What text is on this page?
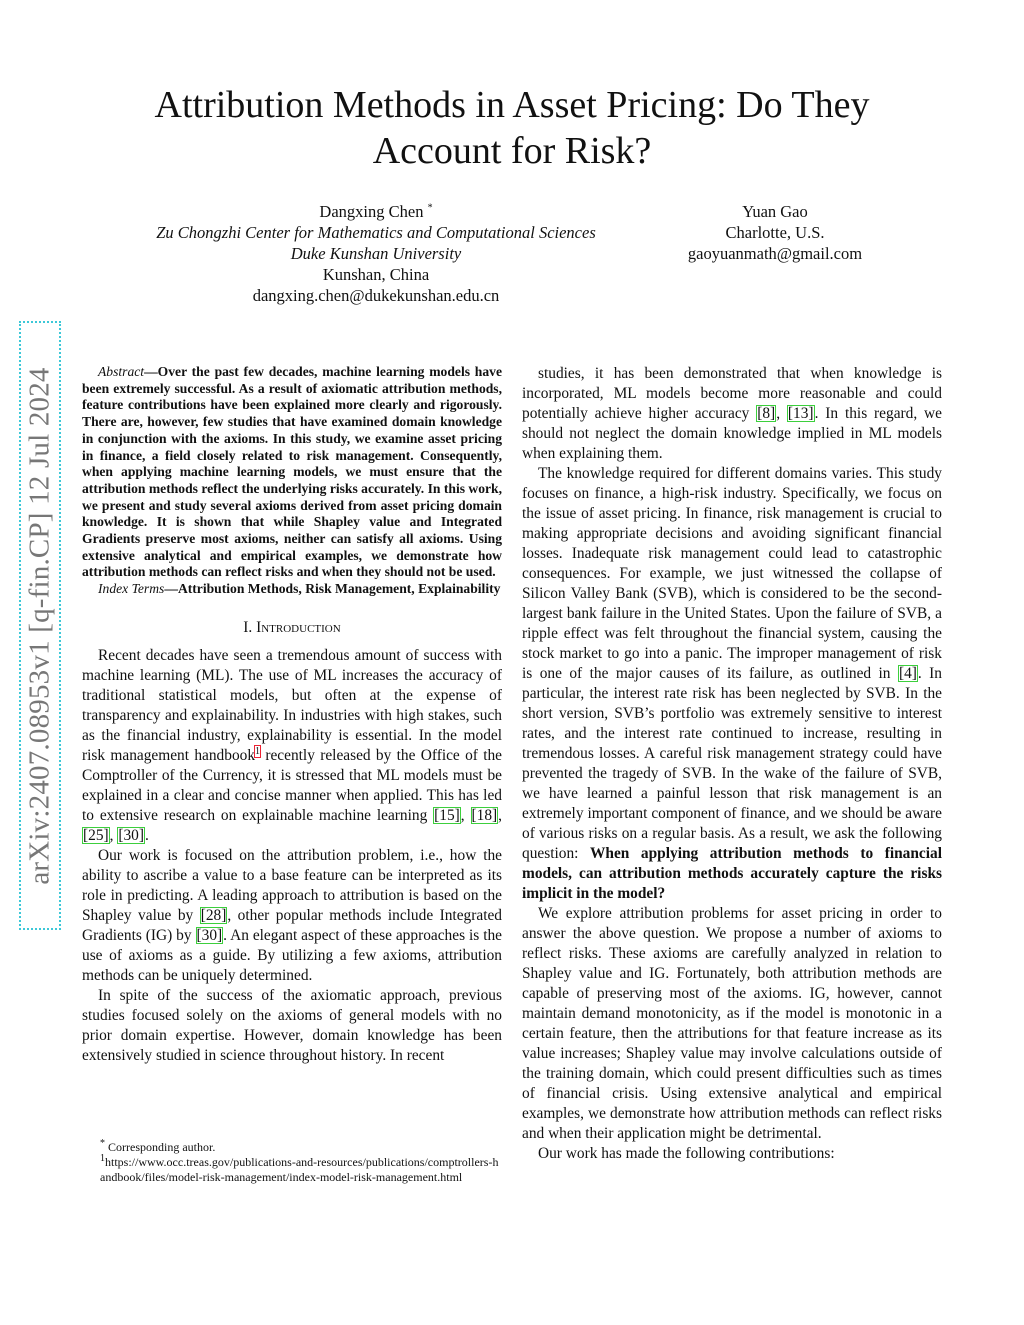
Attribution Methods in Asset Pricing: Do They
Account for Risk?
Dangxing Chen *
Zu Chongzhi Center for Mathematics and Computational Sciences
Duke Kunshan University
Kunshan, China
dangxing.chen@dukekunshan.edu.cn
Yuan Gao
Charlotte, U.S.
gaoyuanmath@gmail.com
arXiv:2407.08953v1 [q-fin.CP] 12 Jul 2024	Abstract—Over the past few decades, machine learning models have been extremely successful. As a result of axiomatic attribution methods, feature contributions have been explained more clearly and rigorously. There are, however, few studies that have examined domain knowledge in conjunction with the axioms. In this study, we examine asset pricing in finance, a field closely related to risk management. Consequently, when applying machine learning models, we must ensure that the attribution methods reflect the underlying risks accurately. In this work, we present and study several axioms derived from asset pricing domain knowledge. It is shown that while Shapley value and Integrated Gradients preserve most axioms, neither can satisfy all axioms. Using extensive analytical and empirical examples, we demonstrate how attribution methods can reflect risks and when they should not be used.

Index Terms—Attribution Methods, Risk Management, Explainability

I. Introduction

Recent decades have seen a tremendous amount of success with machine learning (ML). The use of ML increases the accuracy of traditional statistical models, but often at the expense of transparency and explainability. In industries with high stakes, such as the financial industry, explainability is essential. In the model risk management handbook$^1$ recently released by the Office of the Comptroller of the Currency, it is stressed that ML models must be explained in a clear and concise manner when applied. This has led to extensive research on explainable machine learning [15], [18], [25], [30].

Our work is focused on the attribution problem, i.e., how the ability to ascribe a value to a base feature can be interpreted as its role in predicting. A leading approach to attribution is based on the Shapley value by [28], other popular methods include Integrated Gradients (IG) by [30]. An elegant aspect of these approaches is the use of axioms as a guide. By utilizing a few axioms, attribution methods can be uniquely determined.

In spite of the success of the axiomatic approach, previous studies focused solely on the axioms of general models with no prior domain expertise. However, domain knowledge has been extensively studied in science throughout history. In recent

studies, it has been demonstrated that when knowledge is incorporated, ML models become more reasonable and could potentially achieve higher accuracy [8], [13]. In this regard, we should not neglect the domain knowledge implied in ML models when explaining them.

The knowledge required for different domains varies. This study focuses on finance, a high-risk industry. Specifically, we focus on the issue of asset pricing. In finance, risk management is crucial to making appropriate decisions and avoiding significant financial losses. Inadequate risk management could lead to catastrophic consequences. For example, we just witnessed the collapse of Silicon Valley Bank (SVB), which is considered to be the second-largest bank failure in the United States. Upon the failure of SVB, a ripple effect was felt throughout the financial system, causing the stock market to go into a panic. The improper management of risk is one of the major causes of its failure, as outlined in [4]. In particular, the interest rate risk has been neglected by SVB. In the short version, SVB’s portfolio was extremely sensitive to interest rates, and the interest rate continued to increase, resulting in tremendous losses. A careful risk management strategy could have prevented the tragedy of SVB. In the wake of the failure of SVB, we have learned a painful lesson that risk management is an extremely important component of finance, and we should be aware of various risks on a regular basis. As a result, we ask the following question: When applying attribution methods to financial models, can attribution methods accurately capture the risks implicit in the model?

We explore attribution problems for asset pricing in order to answer the above question. We propose a number of axioms to reflect risks. These axioms are carefully analyzed in relation to Shapley value and IG. Fortunately, both attribution methods are capable of preserving most of the axioms. IG, however, cannot maintain demand monotonicity, as if the model is monotonic in a certain feature, then the attributions for that feature increase as its value increases; Shapley value may involve calculations outside of the training domain, which could present difficulties such as times of financial crisis. Using extensive analytical and empirical examples, we demonstrate how attribution methods can reflect risks and when their application might be detrimental.

Our work has made the following contributions:

* Corresponding author.
$^1$https://www.occ.treas.gov/publications-and-resources/publications/comptrollers-handbook/files/model-risk-management/index-model-risk-management.html
